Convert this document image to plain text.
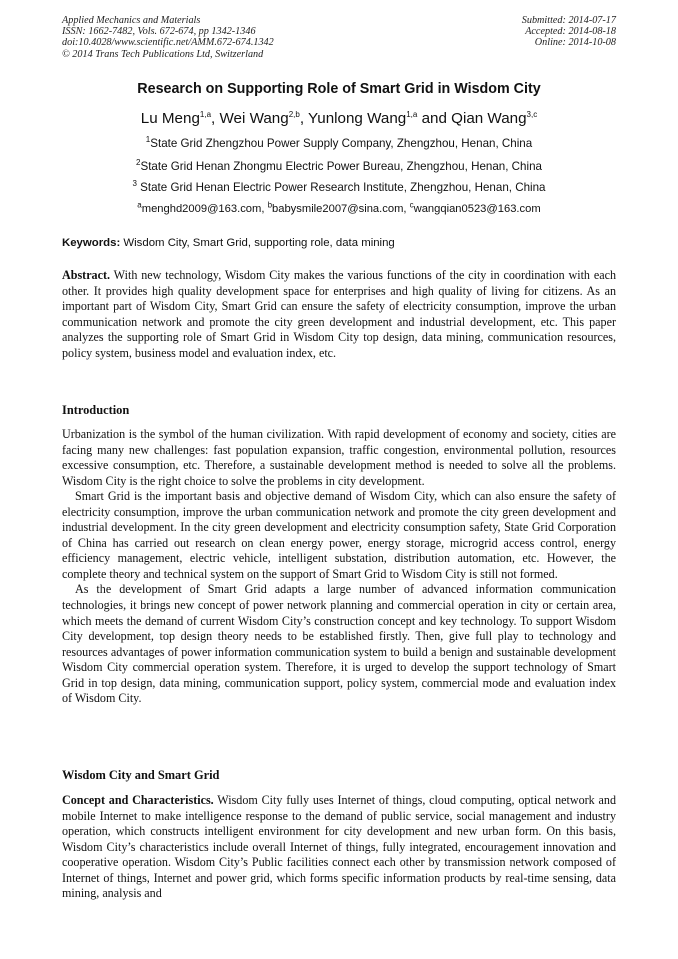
Applied Mechanics and Materials
ISSN: 1662-7482, Vols. 672-674, pp 1342-1346
doi:10.4028/www.scientific.net/AMM.672-674.1342
© 2014 Trans Tech Publications Ltd, Switzerland
Submitted: 2014-07-17
Accepted: 2014-08-18
Online: 2014-10-08
Research on Supporting Role of Smart Grid in Wisdom City
Lu Meng$^{1,a}$, Wei Wang$^{2,b}$, Yunlong Wang$^{1,a}$ and Qian Wang$^{3,c}$
$^1$State Grid Zhengzhou Power Supply Company, Zhengzhou, Henan, China
$^2$State Grid Henan Zhongmu Electric Power Bureau, Zhengzhou, Henan, China
$^3$ State Grid Henan Electric Power Research Institute, Zhengzhou, Henan, China
$^a$menghd2009@163.com, $^b$babysmile2007@sina.com, $^c$wangqian0523@163.com
Keywords: Wisdom City, Smart Grid, supporting role, data mining

Abstract. With new technology, Wisdom City makes the various functions of the city in coordination with each other. It provides high quality development space for enterprises and high quality of living for citizens. As an important part of Wisdom City, Smart Grid can ensure the safety of electricity consumption, improve the urban communication network and promote the city green development and industrial development, etc. This paper analyzes the supporting role of Smart Grid in Wisdom City top design, data mining, communication resources, policy system, business model and evaluation index, etc.

Introduction

Urbanization is the symbol of the human civilization. With rapid development of economy and society, cities are facing many new challenges: fast population expansion, traffic congestion, environmental pollution, resources excessive consumption, etc. Therefore, a sustainable development method is needed to solve all the problems. Wisdom City is the right choice to solve the problems in city development.

Smart Grid is the important basis and objective demand of Wisdom City, which can also ensure the safety of electricity consumption, improve the urban communication network and promote the city green development and industrial development. In the city green development and electricity consumption safety, State Grid Corporation of China has carried out research on clean energy power, energy storage, microgrid access control, energy efficiency management, electric vehicle, intelligent substation, distribution automation, etc. However, the complete theory and technical system on the support of Smart Grid to Wisdom City is still not formed.

As the development of Smart Grid adapts a large number of advanced information communication technologies, it brings new concept of power network planning and commercial operation in city or certain area, which meets the demand of current Wisdom City’s construction concept and key technology. To support Wisdom City development, top design theory needs to be established firstly. Then, give full play to technology and resources advantages of power information communication system to build a benign and sustainable development Wisdom City commercial operation system. Therefore, it is urged to develop the support technology of Smart Grid in top design, data mining, communication support, policy system, commercial mode and evaluation index of Wisdom City.

Wisdom City and Smart Grid

Concept and Characteristics. Wisdom City fully uses Internet of things, cloud computing, optical network and mobile Internet to make intelligence response to the demand of public service, social management and industry operation, which constructs intelligent environment for city development and new urban form. On this basis, Wisdom City’s characteristics include overall Internet of things, fully integrated, encouragement innovation and cooperative operation. Wisdom City’s Public facilities connect each other by transmission network composed of Internet of things, Internet and power grid, which forms specific information products by real-time sensing, data mining, analysis and
